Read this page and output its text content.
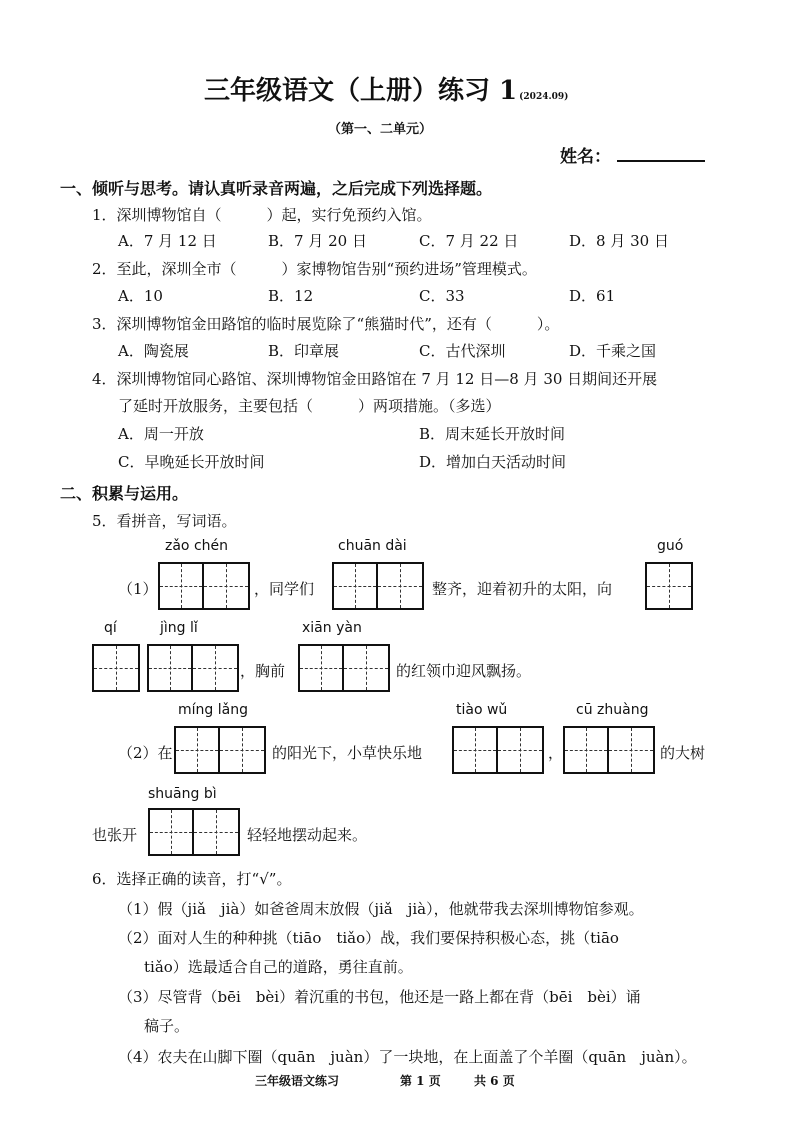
三年级语文（上册）练习 1 (2024.09)
（第一、二单元）
姓名：
一、倾听与思考。请认真听录音两遍，之后完成下列选择题。
1．深圳博物馆自（　　　）起，实行免预约入馆。
A．7 月 12 日	B．7 月 20 日	C．7 月 22 日	D．8 月 30 日
2．至此，深圳全市（　　　）家博物馆告别“预约进场”管理模式。
A．10	B．12	C．33	D．61
3．深圳博物馆金田路馆的临时展览除了“熊猫时代”，还有（　　　）。
A．陶瓷展	B．印章展	C．古代深圳	D．千乘之国
4．深圳博物馆同心路馆、深圳博物馆金田路馆在 7 月 12 日—8 月 30 日期间还开展
了延时开放服务，主要包括（　　　）两项措施。（多选）
A．周一开放	B．周末延长开放时间
C．早晚延长开放时间	D．增加白天活动时间
二、积累与运用。
5．看拼音，写词语。
zǎo chén	chuān dài	guó
（1）	，同学们	整齐，迎着初升的太阳，向
qí	jìng lǐ	xiān yàn
，胸前	的红领巾迎风飘扬。
míng lǎng	tiào wǔ	cū zhuàng
（2）在	的阳光下，小草快乐地	，	的大树
shuāng bì
也张开	轻轻地摆动起来。
6．选择正确的读音，打“√”。
（1）假（jiǎ　jià）如爸爸周末放假（jiǎ　jià），他就带我去深圳博物馆参观。
（2）面对人生的种种挑（tiāo　tiǎo）战，我们要保持积极心态，挑（tiāo
tiǎo）选最适合自己的道路，勇往直前。
（3）尽管背（bēi　bèi）着沉重的书包，他还是一路上都在背（bēi　bèi）诵
稿子。
（4）农夫在山脚下圈（quān　juàn）了一块地，在上面盖了个羊圈（quān　juàn）。
三年级语文练习	第 1 页	共 6 页
